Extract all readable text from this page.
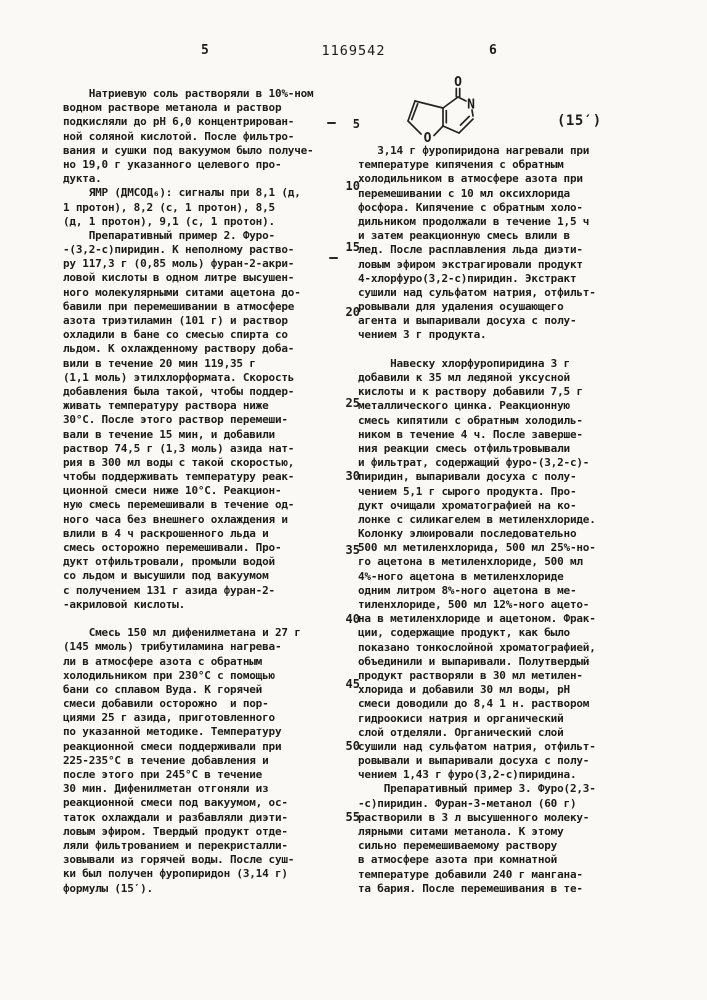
5	1169542	6
O
N
O
(15′)
Натриевую соль растворяли в 10%-ном
водном растворе метанола и раствор
подкисляли до рН 6,0 концентрирован-
ной соляной кислотой. После фильтро-
вания и сушки под вакуумом было получе-
но 19,0 г указанного целевого про-
дукта.
ЯМР (ДМСОД₆): сигналы при 8,1 (д,
1 протон), 8,2 (с, 1 протон), 8,5
(д, 1 протон), 9,1 (с, 1 протон).
Препаративный пример 2. Фуро-
-(3,2-с)пиридин. К неполному раство-
ру 117,3 г (0,85 моль) фуран-2-акри-
ловой кислоты в одном литре высушен-
ного молекулярными ситами ацетона до-
бавили при перемешивании в атмосфере
азота триэтиламин (101 г) и раствор
охладили в бане со смесью спирта со
льдом. К охлажденному раствору доба-
вили в течение 20 мин 119,35 г
(1,1 моль) этилхлорформата. Скорость
добавления была такой, чтобы поддер-
живать температуру раствора ниже
30°С. После этого раствор перемеши-
вали в течение 15 мин, и добавили
раствор 74,5 г (1,3 моль) азида нат-
рия в 300 мл воды с такой скоростью,
чтобы поддерживать температуру реак-
ционной смеси ниже 10°С. Реакцион-
ную смесь перемешивали в течение од-
ного часа без внешнего охлаждения и
влили в 4 ч раскрошенного льда и
смесь осторожно перемешивали. Про-
дукт отфильтровали, промыли водой
со льдом и высушили под вакуумом
с получением 131 г азида фуран-2-
-акриловой кислоты.

Смесь 150 мл дифенилметана и 27 г
(145 ммоль) трибутиламина нагрева-
ли в атмосфере азота с обратным
холодильником при 230°С с помощью
бани со сплавом Вуда. К горячей
смеси добавили осторожно  и пор-
циями 25 г азида, приготовленного
по указанной методике. Температуру
реакционной смеси поддерживали при
225-235°С в течение добавления и
после этого при 245°С в течение
30 мин. Дифенилметан отгоняли из
реакционной смеси под вакуумом, ос-
таток охлаждали и разбавляли диэти-
ловым эфиром. Твердый продукт отде-
ляли фильтрованием и перекристалли-
зовывали из горячей воды. После суш-
ки был получен фуропиридон (3,14 г)
формулы (15′).
3,14 г фуропиридона нагревали при
температуре кипячения с обратным
холодильником в атмосфере азота при
перемешивании с 10 мл оксихлорида
фосфора. Кипячение с обратным холо-
дильником продолжали в течение 1,5 ч
и затем реакционную смесь влили в
лед. После расплавления льда диэти-
ловым эфиром экстрагировали продукт
4-хлорфуро(3,2-с)пиридин. Экстракт
сушили над сульфатом натрия, отфильт-
ровывали для удаления осушающего
агента и выпаривали досуха с полу-
чением 3 г продукта.

Навеску хлорфуропиридина 3 г
добавили к 35 мл ледяной уксусной
кислоты и к раствору добавили 7,5 г
металлического цинка. Реакционную
смесь кипятили с обратным холодиль-
ником в течение 4 ч. После заверше-
ния реакции смесь отфильтровывали
и фильтрат, содержащий фуро-(3,2-с)-
пиридин, выпаривали досуха с полу-
чением 5,1 г сырого продукта. Про-
дукт очищали хроматографией на ко-
лонке с силикагелем в метиленхлориде.
Колонку элюировали последовательно
500 мл метиленхлорида, 500 мл 25%-но-
го ацетона в метиленхлориде, 500 мл
4%-ного ацетона в метиленхлориде
одним литром 8%-ного ацетона в ме-
тиленхлориде, 500 мл 12%-ного ацето-
на в метиленхлориде и ацетоном. Фрак-
ции, содержащие продукт, как было
показано тонкослойной хроматографией,
объединили и выпаривали. Полутвердый
продукт растворяли в 30 мл метилен-
хлорида и добавили 30 мл воды, рН
смеси доводили до 8,4 1 н. раствором
гидроокиси натрия и органический
слой отделяли. Органический слой
сушили над сульфатом натрия, отфильт-
ровывали и выпаривали досуха с полу-
чением 1,43 г фуро(3,2-с)пиридина.
Препаративный пример 3. Фуро(2,3-
-с)пиридин. Фуран-3-метанол (60 г)
растворили в 3 л высушенного молеку-
лярными ситами метанола. К этому
сильно перемешиваемому раствору
в атмосфере азота при комнатной
температуре добавили 240 г мангана-
та бария. После перемешивания в те-
5
10
15
20
25
30
35
40
45
50
55
